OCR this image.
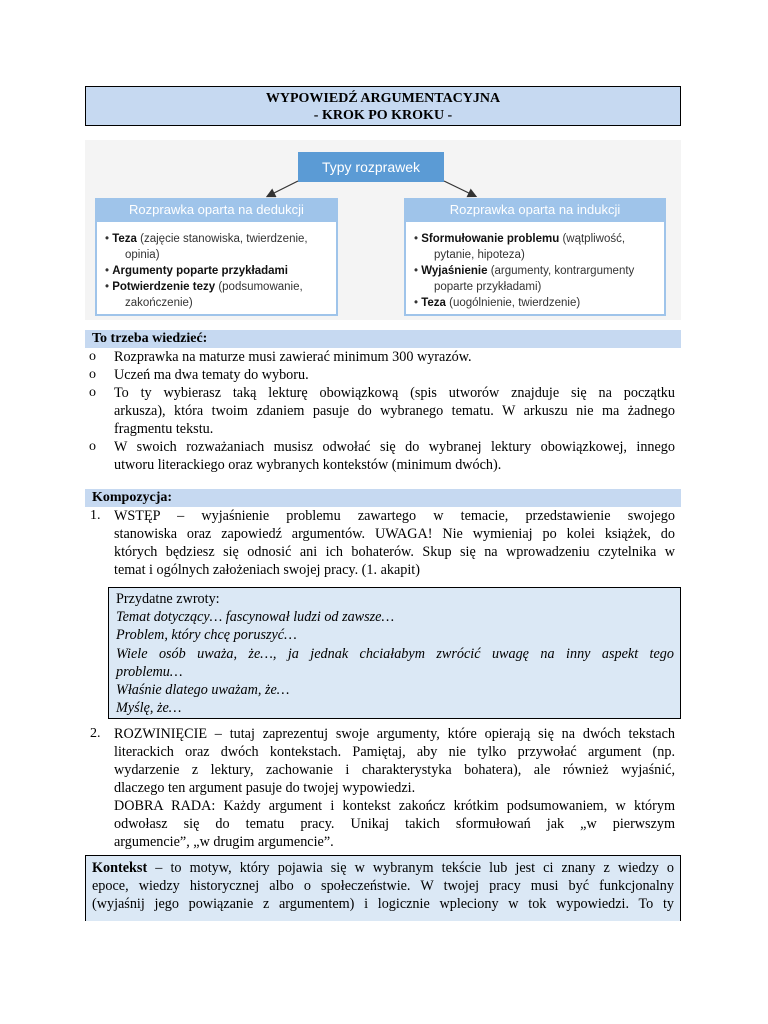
WYPOWIEDŹ ARGUMENTACYJNA
- KROK PO KROKU -
Typy rozprawek
Rozprawka oparta na dedukcji
• Teza (zajęcie stanowiska, twierdzenie,
opinia)
• Argumenty poparte przykładami
• Potwierdzenie tezy (podsumowanie,
zakończenie)
Rozprawka oparta na indukcji
• Sformułowanie problemu (wątpliwość,
pytanie, hipoteza)
• Wyjaśnienie (argumenty, kontrargumenty
poparte przykładami)
• Teza (uogólnienie, twierdzenie)
To trzeba wiedzieć:
o
o
o
o
Rozprawka na maturze musi zawierać minimum 300 wyrazów.
Uczeń ma dwa tematy do wyboru.
To ty wybierasz taką lekturę obowiązkową (spis utworów znajduje się na początku
arkusza), która twoim zdaniem pasuje do wybranego tematu. W arkuszu nie ma żadnego
fragmentu tekstu.
W swoich rozważaniach musisz odwołać się do wybranej lektury obowiązkowej, innego
utworu literackiego oraz wybranych kontekstów (minimum dwóch).
Kompozycja:
1. WSTĘP – wyjaśnienie problemu zawartego w temacie, przedstawienie swojego
stanowiska oraz zapowiedź argumentów. UWAGA! Nie wymieniaj po kolei książek, do
których będziesz się odnosić ani ich bohaterów. Skup się na wprowadzeniu czytelnika w
temat i ogólnych założeniach swojej pracy. (1. akapit)
Przydatne zwroty:
Temat dotyczący… fascynował ludzi od zawsze…
Problem, który chcę poruszyć…
Wiele osób uważa, że…, ja jednak chciałabym zwrócić uwagę na inny aspekt tego
problemu…
Właśnie dlatego uważam, że…
Myślę, że…
2. ROZWINIĘCIE – tutaj zaprezentuj swoje argumenty, które opierają się na dwóch tekstach
literackich oraz dwóch kontekstach. Pamiętaj, aby nie tylko przywołać argument (np.
wydarzenie z lektury, zachowanie i charakterystyka bohatera), ale również wyjaśnić,
dlaczego ten argument pasuje do twojej wypowiedzi.
DOBRA RADA: Każdy argument i kontekst zakończ krótkim podsumowaniem, w którym
odwołasz się do tematu pracy. Unikaj takich sformułowań jak „w pierwszym
argumencie”, „w drugim argumencie”.
Kontekst – to motyw, który pojawia się w wybranym tekście lub jest ci znany z wiedzy o
epoce, wiedzy historycznej albo o społeczeństwie. W twojej pracy musi być funkcjonalny
(wyjaśnij jego powiązanie z argumentem) i logicznie wpleciony w tok wypowiedzi. To ty
